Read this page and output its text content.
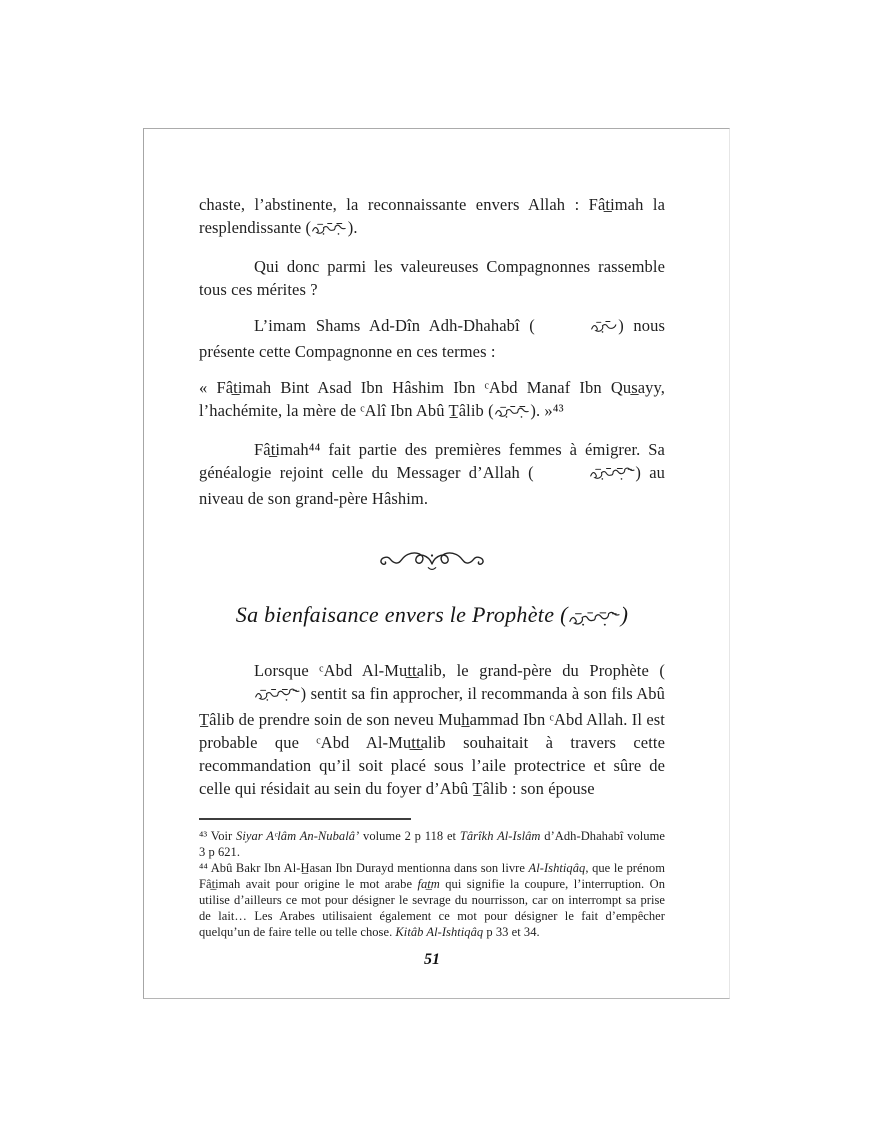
chaste, l’abstinente, la reconnaissante envers Allah : Fât̲imah la resplendissante ( ).

Qui donc parmi les valeureuses Compagnonnes rassemble tous ces mérites ?

L’imam Shams Ad-Dîn Adh-Dhahabî (	) nous présente cette Compagnonne en ces termes :

« Fât̲imah Bint Asad Ibn Hâshim Ibn ᶜAbd Manaf Ibn Qus̲ayy, l’hachémite, la mère de ᶜAlî Ibn Abû T̲âlib ( ). »⁴³

Fât̲imah⁴⁴ fait partie des premières femmes à émigrer. Sa généalogie rejoint celle du Messager d’Allah (	) au niveau de son grand-père Hâshim.

Sa bienfaisance envers le Prophète ( )

Lorsque ᶜAbd Al-Mut̲t̲alib, le grand-père du Prophète () sentit sa fin approcher, il recommanda à son fils Abû T̲âlib de prendre soin de son neveu Muh̲ammad Ibn ᶜAbd Allah. Il est probable que ᶜAbd Al-Mut̲t̲alib souhaitait à travers cette recommandation qu’il soit placé sous l’aile protectrice et sûre de celle qui résidait au sein du foyer d’Abû T̲âlib : son épouse

⁴³ Voir Siyar Aᶜlâm An-Nubalâ’ volume 2 p 118 et Târîkh Al-Islâm d’Adh-Dhahabî volume 3 p 621.

⁴⁴ Abû Bakr Ibn Al-H̲asan Ibn Durayd mentionna dans son livre Al-Ishtiqâq, que le prénom Fât̲imah avait pour origine le mot arabe fat̲m qui signifie la coupure, l’interruption. On utilise d’ailleurs ce mot pour désigner le sevrage du nourrisson, car on interrompt sa prise de lait… Les Arabes utilisaient également ce mot pour désigner le fait d’empêcher quelqu’un de faire telle ou telle chose. Kitâb Al-Ishtiqâq p 33 et 34.

51
